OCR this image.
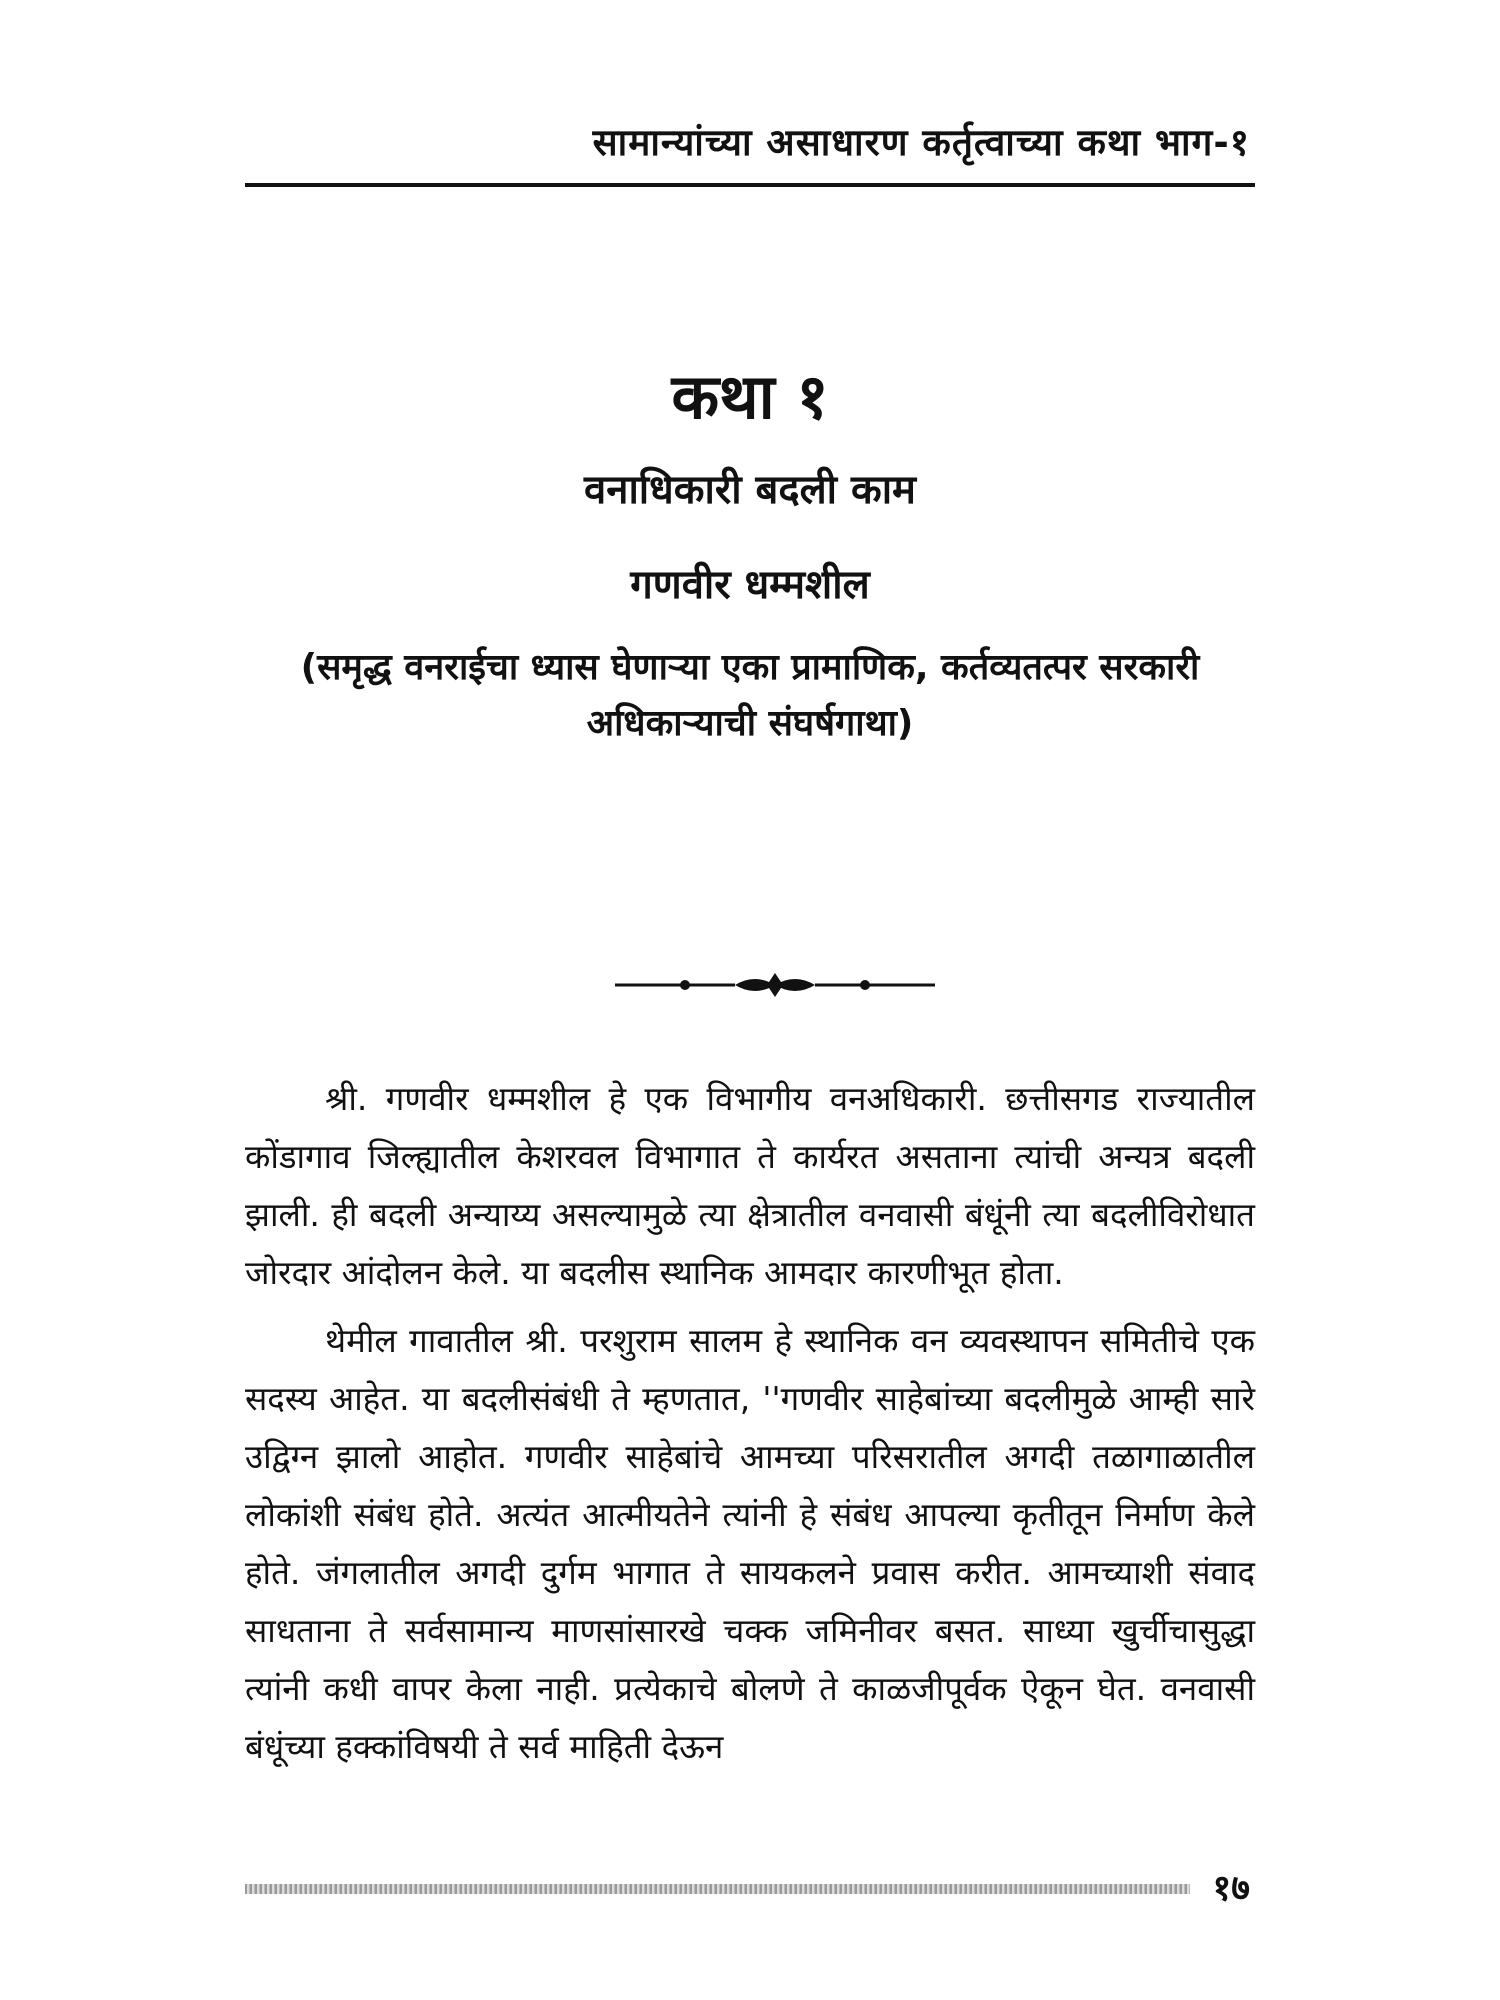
सामान्यांच्या असाधारण कर्तृत्वाच्या कथा भाग-१
कथा १
वनाधिकारी बदली काम
गणवीर धम्मशील
(समृद्ध वनराईचा ध्यास घेणाऱ्या एका प्रामाणिक, कर्तव्यतत्पर सरकारी अधिकाऱ्याची संघर्षगाथा)

श्री. गणवीर धम्मशील हे एक विभागीय वनअधिकारी. छत्तीसगड राज्यातील कोंडागाव जिल्ह्यातील केशरवल विभागात ते कार्यरत असताना त्यांची अन्यत्र बदली झाली. ही बदली अन्याय्य असल्यामुळे त्या क्षेत्रातील वनवासी बंधूंनी त्या बदलीविरोधात जोरदार आंदोलन केले. या बदलीस स्थानिक आमदार कारणीभूत होता.

थेमील गावातील श्री. परशुराम सालम हे स्थानिक वन व्यवस्थापन समितीचे एक सदस्य आहेत. या बदलीसंबंधी ते म्हणतात, ''गणवीर साहेबांच्या बदलीमुळे आम्ही सारे उद्विग्न झालो आहोत. गणवीर साहेबांचे आमच्या परिसरातील अगदी तळागाळातील लोकांशी संबंध होते. अत्यंत आत्मीयतेने त्यांनी हे संबंध आपल्या कृतीतून निर्माण केले होते. जंगलातील अगदी दुर्गम भागात ते सायकलने प्रवास करीत. आमच्याशी संवाद साधताना ते सर्वसामान्य माणसांसारखे चक्क जमिनीवर बसत. साध्या खुर्चीचासुद्धा त्यांनी कधी वापर केला नाही. प्रत्येकाचे बोलणे ते काळजीपूर्वक ऐकून घेत. वनवासी बंधूंच्या हक्कांविषयी ते सर्व माहिती देऊन

१७
